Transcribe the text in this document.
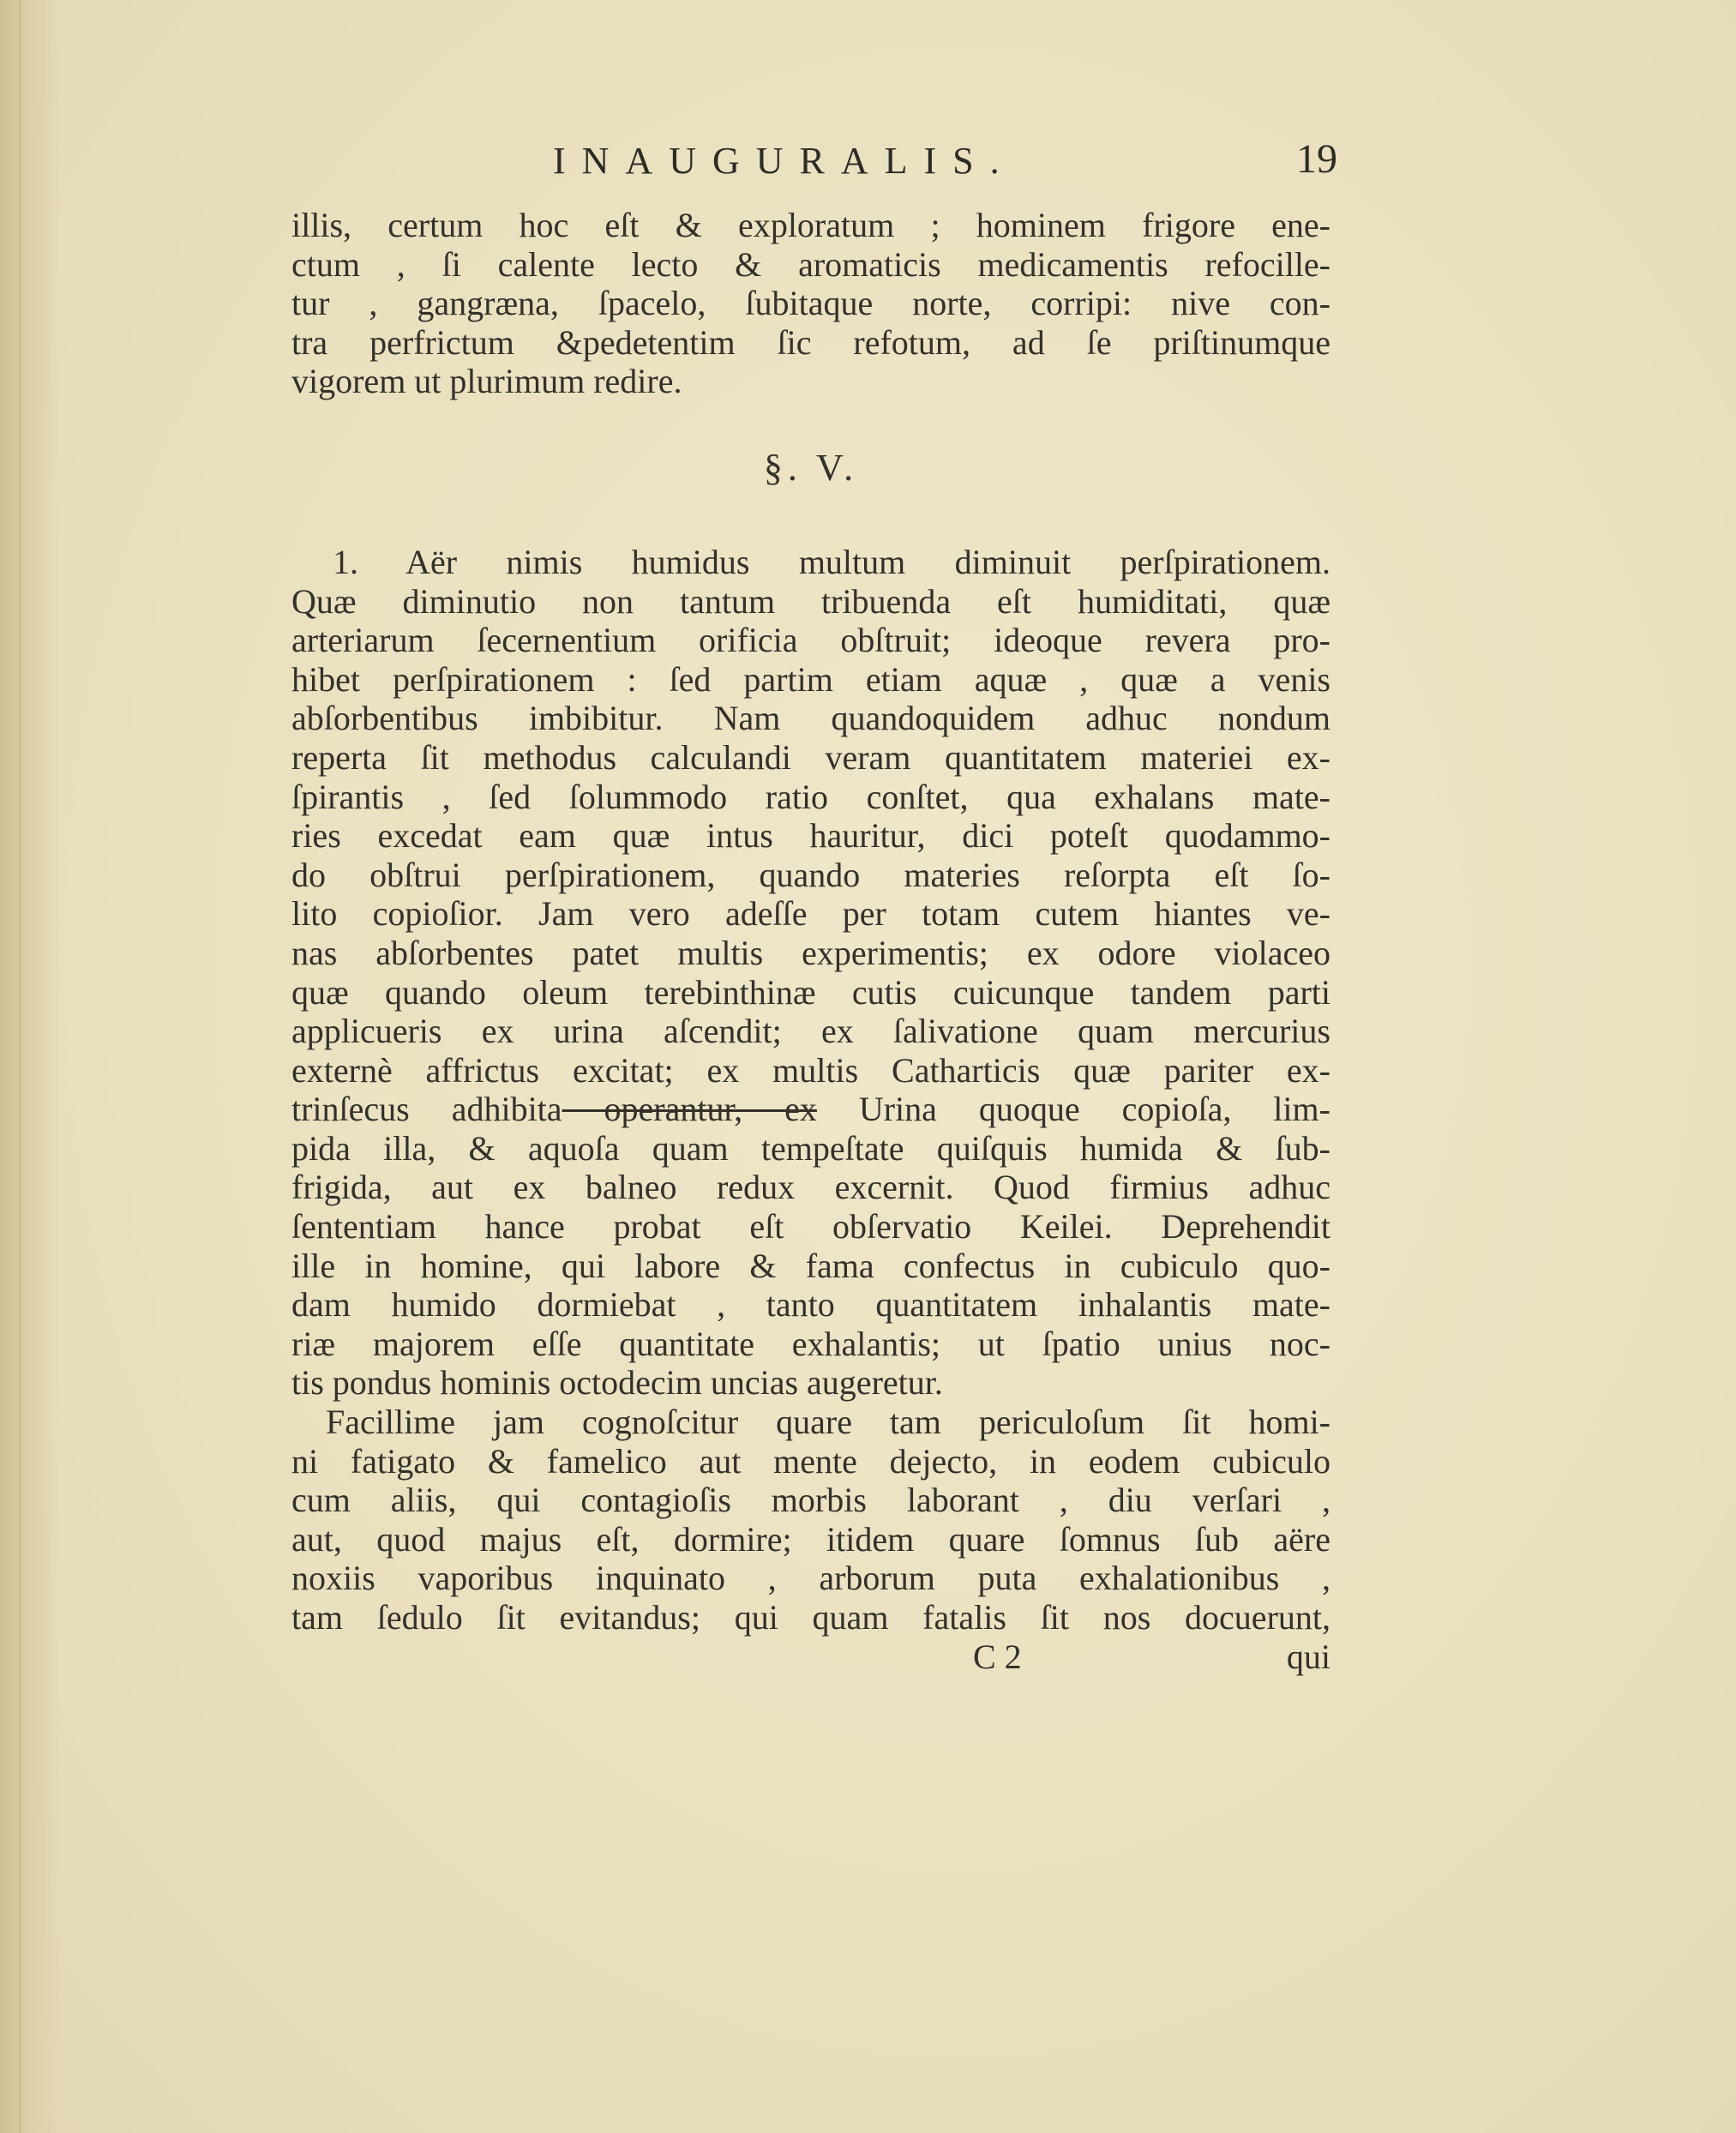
INAUGURALIS.	19
illis, certum hoc eſt & exploratum ; hominem frigore ene-
ctum , ſi calente lecto & aromaticis medicamentis refocille-
tur , gangræna, ſpacelo, ſubitaque norte, corripi: nive con-
tra perfrictum &pedetentim ſic refotum, ad ſe priſtinumque
vigorem ut plurimum redire.
§. V.
1. Aër nimis humidus multum diminuit perſpirationem.
Quæ diminutio non tantum tribuenda eſt humiditati, quæ
arteriarum ſecernentium orificia obſtruit; ideoque revera pro-
hibet perſpirationem : ſed partim etiam aquæ , quæ a venis
abſorbentibus imbibitur. Nam quandoquidem adhuc nondum
reperta ſit methodus calculandi veram quantitatem materiei ex-
ſpirantis , ſed ſolummodo ratio conſtet, qua exhalans mate-
ries excedat eam quæ intus hauritur, dici poteſt quodammo-
do obſtrui perſpirationem, quando materies reſorpta eſt ſo-
lito copioſior. Jam vero adeſſe per totam cutem hiantes ve-
nas abſorbentes patet multis experimentis; ex odore violaceo
quæ quando oleum terebinthinæ cutis cuicunque tandem parti
applicueris ex urina aſcendit; ex ſalivatione quam mercurius
externè affrictus excitat; ex multis Catharticis quæ pariter ex-
trinſecus adhibita operantur, ex Urina quoque copioſa, lim-
pida illa, & aquoſa quam tempeſtate quiſquis humida & ſub-
frigida, aut ex balneo redux excernit. Quod firmius adhuc
ſententiam hance probat eſt obſervatio Keilei. Deprehendit
ille in homine, qui labore & fama confectus in cubiculo quo-
dam humido dormiebat , tanto quantitatem inhalantis mate-
riæ majorem eſſe quantitate exhalantis; ut ſpatio unius noc-
tis pondus hominis octodecim uncias augeretur.
Facillime jam cognoſcitur quare tam periculoſum ſit homi-
ni fatigato & famelico aut mente dejecto, in eodem cubiculo
cum aliis, qui contagioſis morbis laborant , diu verſari ,
aut, quod majus eſt, dormire; itidem quare ſomnus ſub aëre
noxiis vaporibus inquinato , arborum puta exhalationibus ,
tam ſedulo ſit evitandus; qui quam fatalis ſit nos docuerunt,
C 2	qui
